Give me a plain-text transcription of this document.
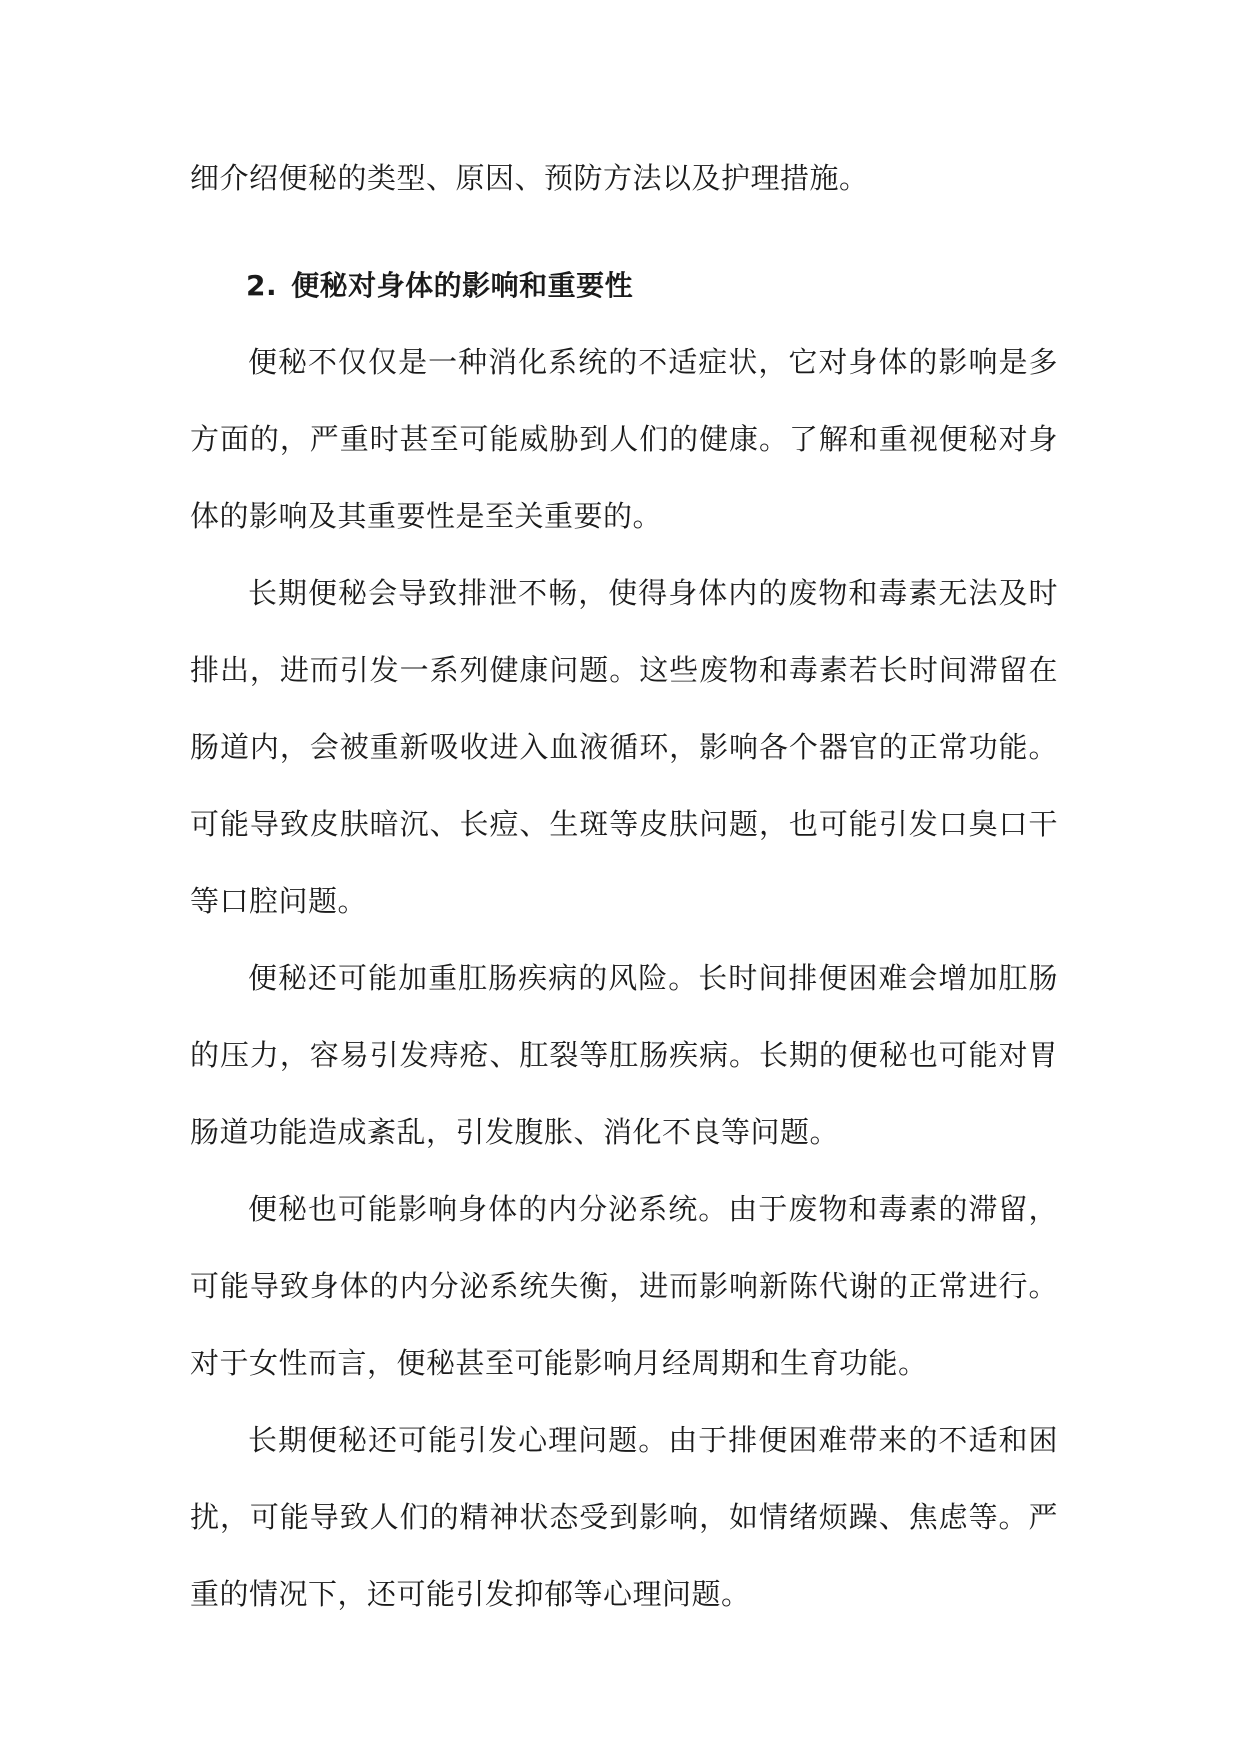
细介绍便秘的类型、原因、预防方法以及护理措施。

2. 便秘对身体的影响和重要性

便秘不仅仅是一种消化系统的不适症状，它对身体的影响是多方面的，严重时甚至可能威胁到人们的健康。了解和重视便秘对身体的影响及其重要性是至关重要的。

长期便秘会导致排泄不畅，使得身体内的废物和毒素无法及时排出，进而引发一系列健康问题。这些废物和毒素若长时间滞留在肠道内，会被重新吸收进入血液循环，影响各个器官的正常功能。可能导致皮肤暗沉、长痘、生斑等皮肤问题，也可能引发口臭口干等口腔问题。

便秘还可能加重肛肠疾病的风险。长时间排便困难会增加肛肠的压力，容易引发痔疮、肛裂等肛肠疾病。长期的便秘也可能对胃肠道功能造成紊乱，引发腹胀、消化不良等问题。

便秘也可能影响身体的内分泌系统。由于废物和毒素的滞留，可能导致身体的内分泌系统失衡，进而影响新陈代谢的正常进行。对于女性而言，便秘甚至可能影响月经周期和生育功能。

长期便秘还可能引发心理问题。由于排便困难带来的不适和困扰，可能导致人们的精神状态受到影响，如情绪烦躁、焦虑等。严重的情况下，还可能引发抑郁等心理问题。
